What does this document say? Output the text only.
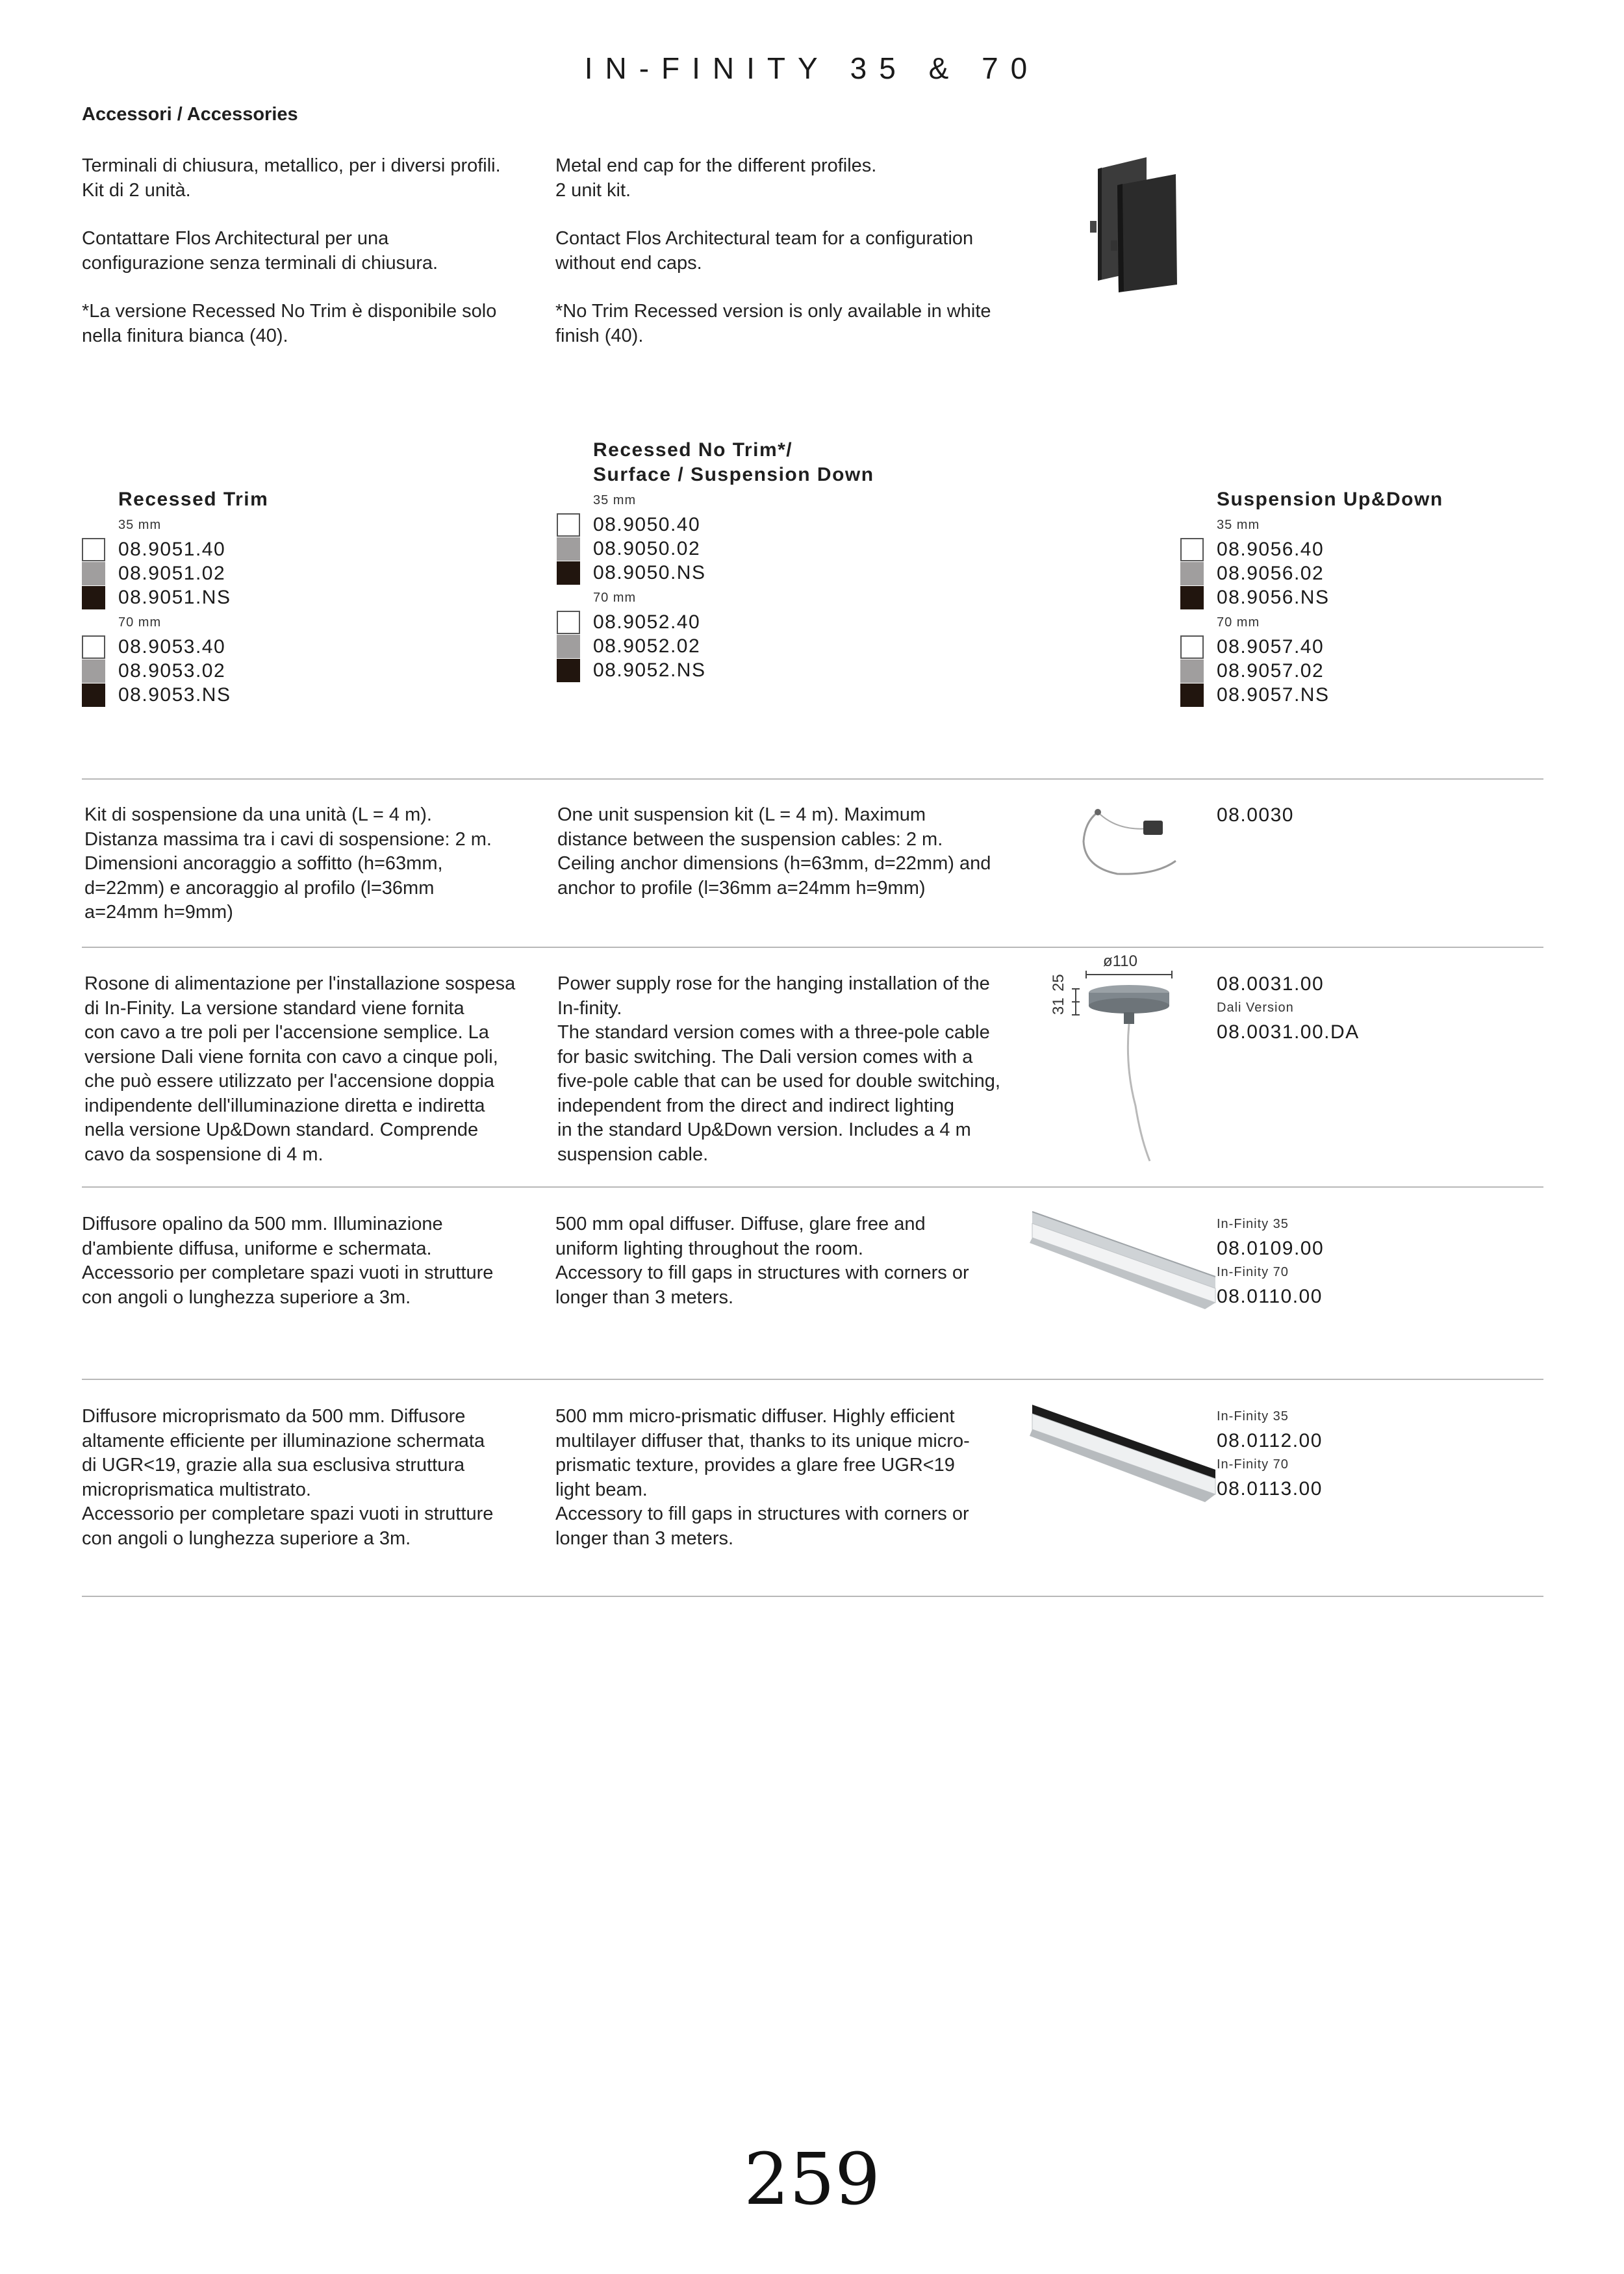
IN-FINITY 35 & 70
Accessori / Accessories
Terminali di chiusura, metallico, per i diversi profili.
Kit di 2 unità.
Contattare Flos Architectural per una
configurazione senza terminali di chiusura.
*La versione Recessed No Trim è disponibile solo
nella finitura bianca (40).
Metal end cap for the different profiles.
2 unit kit.
Contact Flos Architectural team for a configuration
without end caps.
*No Trim Recessed version is only available in white
finish (40).
Recessed Trim
35 mm
08.9051.40
08.9051.02
08.9051.NS
70 mm
08.9053.40
08.9053.02
08.9053.NS
Recessed No Trim*/
Surface / Suspension Down
35 mm
08.9050.40
08.9050.02
08.9050.NS
70 mm
08.9052.40
08.9052.02
08.9052.NS
Suspension Up&Down
35 mm
08.9056.40
08.9056.02
08.9056.NS
70 mm
08.9057.40
08.9057.02
08.9057.NS
Kit di sospensione da una unità (L = 4 m).
Distanza massima tra i cavi di sospensione: 2 m.
Dimensioni ancoraggio a soffitto (h=63mm,
d=22mm) e ancoraggio al profilo (l=36mm
a=24mm h=9mm)
One unit suspension kit (L = 4 m). Maximum
distance between the suspension cables: 2 m.
Ceiling anchor dimensions (h=63mm, d=22mm) and
anchor to profile (l=36mm a=24mm h=9mm)
08.0030
Rosone di alimentazione per l'installazione sospesa
di In-Finity. La versione standard viene fornita
con cavo a tre poli per l'accensione semplice. La
versione Dali viene fornita con cavo a cinque poli,
che può essere utilizzato per l'accensione doppia
indipendente dell'illuminazione diretta e indiretta
nella versione Up&Down standard. Comprende
cavo da sospensione di 4 m.
Power supply rose for the hanging installation of the
In-finity.
The standard version comes with a three-pole cable
for basic switching. The Dali version comes with a
five-pole cable that can be used for double switching,
independent from the direct and indirect lighting
in the standard Up&Down version. Includes a 4 m
suspension cable.
ø110
31
25	08.0031.00
Dali Version
08.0031.00.DA
Diffusore opalino da 500 mm. Illuminazione
d'ambiente diffusa, uniforme e schermata.
Accessorio per completare spazi vuoti in strutture
con angoli o lunghezza superiore a 3m.
500 mm opal diffuser. Diffuse, glare free and
uniform lighting throughout the room.
Accessory to fill gaps in structures with corners or
longer than 3 meters.
In-Finity 35
08.0109.00
In-Finity 70
08.0110.00
Diffusore microprismato da 500 mm. Diffusore
altamente efficiente per illuminazione schermata
di UGR<19, grazie alla sua esclusiva struttura
microprismatica multistrato.
Accessorio per completare spazi vuoti in strutture
con angoli o lunghezza superiore a 3m.
500 mm micro-prismatic diffuser. Highly efficient
multilayer diffuser that, thanks to its unique micro-
prismatic texture, provides a glare free UGR<19
light beam.
Accessory to fill gaps in structures with corners or
longer than 3 meters.
In-Finity 35
08.0112.00
In-Finity 70
08.0113.00
259
